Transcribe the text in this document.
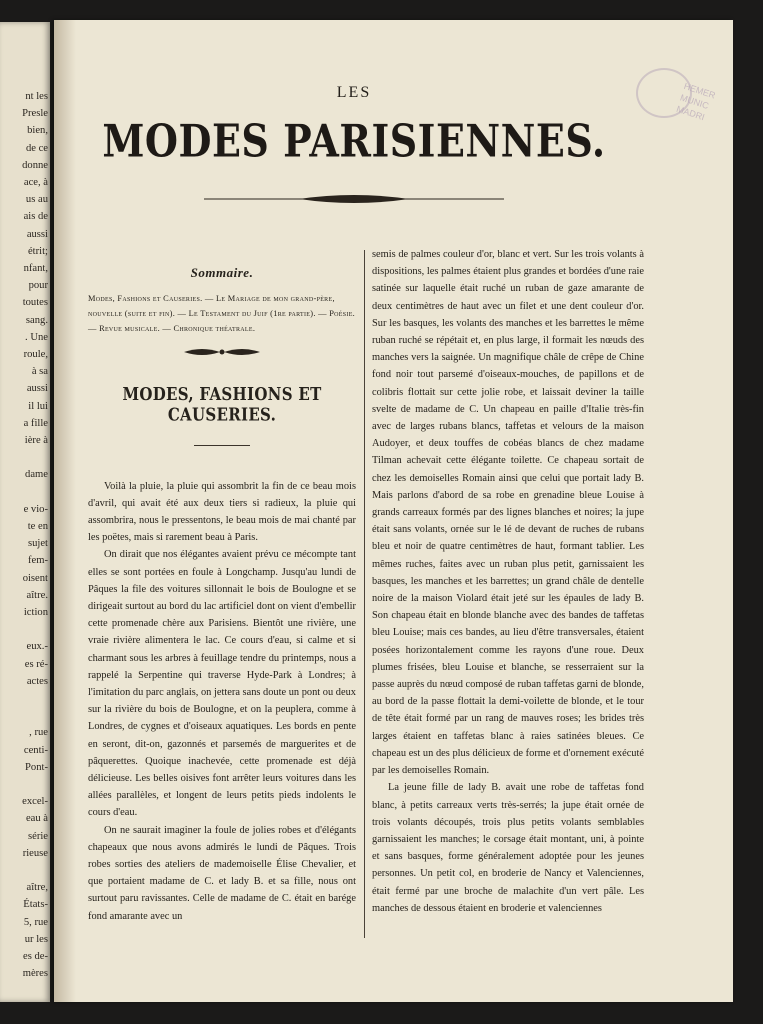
nt les
Presle
bien,
de ce
donne
ace, à
us au
ais de
aussi
étrit;
nfant,
pour
toutes
sang.
. Une
roule,
à sa
aussi
il lui
a fille
ière à
dame
e vio-
te en
sujet
fem-
oisent
aître.
iction
eux.-
es ré-
actes
, rue
centi-
Pont-
excel-
eau à
série
rieuse
aître,
États-
5, rue
ur les
es de-
mères
HEMER MUNIC MADRI
LES
MODES PARISIENNES.
Sommaire.
Modes, Fashions et Causeries. — Le Mariage de mon grand-père, nouvelle (suite et fin). — Le Testament du Juif (1re partie). — Poésie. — Revue musicale. — Chronique théatrale.
MODES, FASHIONS ET CAUSERIES.

Voilà la pluie, la pluie qui assombrit la fin de ce beau mois d'avril, qui avait été aux deux tiers si radieux, la pluie qui assombrira, nous le pressentons, le beau mois de mai chanté par les poëtes, mais si rarement beau à Paris.

On dirait que nos élégantes avaient prévu ce mécompte tant elles se sont portées en foule à Longchamp. Jusqu'au lundi de Pâques la file des voitures sillonnait le bois de Boulogne et se dirigeait surtout au bord du lac artificiel dont on vient d'embellir cette promenade chère aux Parisiens. Bientôt une rivière, une vraie rivière alimentera le lac. Ce cours d'eau, si calme et si charmant sous les arbres à feuillage tendre du printemps, nous a rappelé la Serpentine qui traverse Hyde-Park à Londres; à l'imitation du parc anglais, on jettera sans doute un pont ou deux sur la rivière du bois de Boulogne, et on la peuplera, comme à Londres, de cygnes et d'oiseaux aquatiques. Les bords en pente en seront, dit-on, gazonnés et parsemés de marguerites et de pâquerettes. Quoique inachevée, cette promenade est déjà délicieuse. Les belles oisives font arrêter leurs voitures dans les allées parallèles, et longent de leurs petits pieds indolents le cours d'eau.

On ne saurait imaginer la foule de jolies robes et d'élégants chapeaux que nous avons admirés le lundi de Pâques. Trois robes sorties des ateliers de mademoiselle Élise Chevalier, et que portaient madame de C. et lady B. et sa fille, nous ont surtout paru ravissantes. Celle de madame de C. était en barége fond amarante avec un

semis de palmes couleur d'or, blanc et vert. Sur les trois volants à dispositions, les palmes étaient plus grandes et bordées d'une raie satinée sur laquelle était ruché un ruban de gaze amarante de deux centimètres de haut avec un filet et une dent couleur d'or. Sur les basques, les volants des manches et les barrettes le même ruban ruché se répétait et, en plus large, il formait les nœuds des manches vers la saignée. Un magnifique châle de crêpe de Chine fond noir tout parsemé d'oiseaux-mouches, de papillons et de colibris flottait sur cette jolie robe, et laissait deviner la taille svelte de madame de C. Un chapeau en paille d'Italie très-fin avec de larges rubans blancs, taffetas et velours de la maison Audoyer, et deux touffes de cobéas blancs de chez madame Tilman achevait cette élégante toilette. Ce chapeau sortait de chez les demoiselles Romain ainsi que celui que portait lady B. Mais parlons d'abord de sa robe en grenadine bleue Louise à grands carreaux formés par des lignes blanches et noires; la jupe était sans volants, ornée sur le lé de devant de ruches de rubans bleu et noir de quatre centimètres de haut, formant tablier. Les mêmes ruches, faites avec un ruban plus petit, garnissaient les basques, les manches et les barrettes; un grand châle de dentelle noire de la maison Violard était jeté sur les épaules de lady B. Son chapeau était en blonde blanche avec des bandes de taffetas bleu Louise; mais ces bandes, au lieu d'être transversales, étaient posées horizontalement comme les rayons d'une roue. Deux plumes frisées, bleu Louise et blanche, se resserraient sur la passe auprès du nœud composé de ruban taffetas garni de blonde, au bord de la passe flottait la demi-voilette de blonde, et le tour de tête était formé par un rang de mauves roses; les brides très larges étaient en taffetas blanc à raies satinées bleues. Ce chapeau est un des plus délicieux de forme et d'ornement exécuté par les demoiselles Romain.

La jeune fille de lady B. avait une robe de taffetas fond blanc, à petits carreaux verts très-serrés; la jupe était ornée de trois volants découpés, trois plus petits volants semblables garnissaient les manches; le corsage était montant, uni, à pointe et sans basques, forme généralement adoptée pour les jeunes personnes. Un petit col, en broderie de Nancy et Valenciennes, était fermé par une broche de malachite d'un vert pâle. Les manches de dessous étaient en broderie et valenciennes
